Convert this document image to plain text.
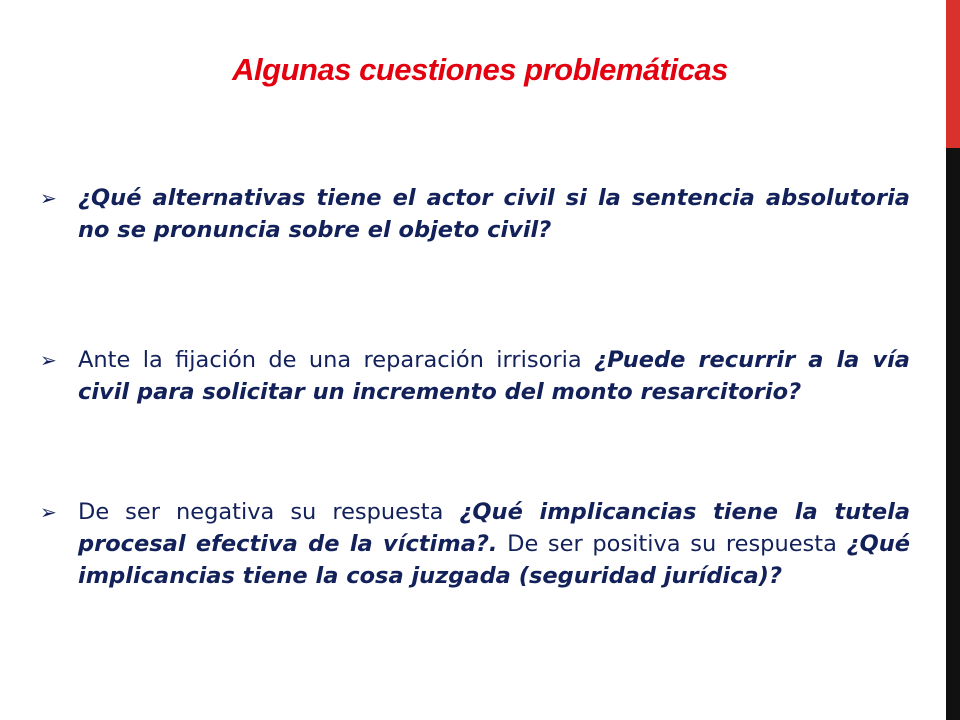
Algunas cuestiones problemáticas
➢ ¿Qué alternativas tiene el actor civil si la sentencia absolutoria no se pronuncia sobre el objeto civil?
➢ Ante la fijación de una reparación irrisoria ¿Puede recurrir a la vía civil para solicitar un incremento del monto resarcitorio?
➢ De ser negativa su respuesta ¿Qué implicancias tiene la tutela procesal efectiva de la víctima?. De ser positiva su respuesta ¿Qué implicancias tiene la cosa juzgada (seguridad jurídica)?
